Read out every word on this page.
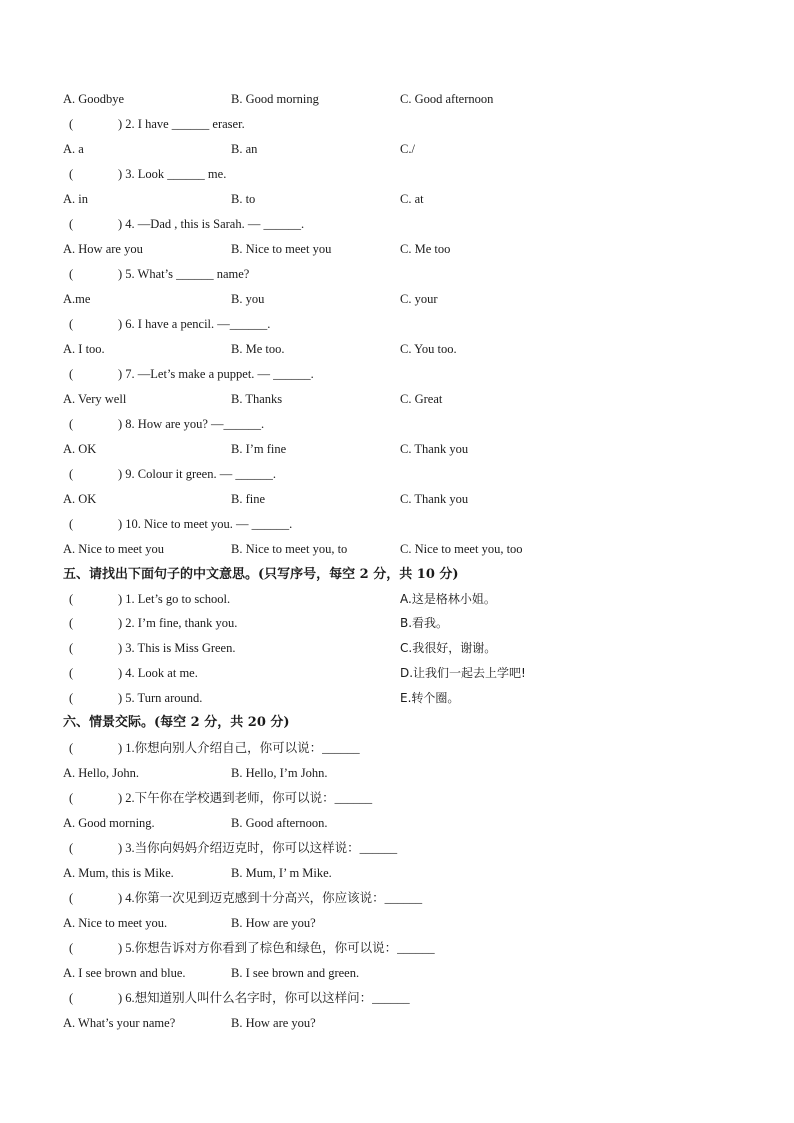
A. Goodbye	B. Good morning	C. Good afternoon
(	) 2. I have ______ eraser.
A. a	B. an	C./
(	) 3. Look ______ me.
A. in	B. to	C. at
(	) 4. —Dad , this is Sarah. — ______.
A. How are you	B. Nice to meet you	C. Me too
(	) 5. What’s ______ name?
A.me	B. you	C. your
(	) 6. I have a pencil. —______.
A. I too.	B. Me too.	C. You too.
(	) 7. —Let’s make a puppet. — ______.
A. Very well	B. Thanks	C. Great
(	) 8. How are you? —______.
A. OK	B. I’m fine	C. Thank you
(	) 9. Colour it green. — ______.
A. OK	B. fine	C. Thank you
(	) 10. Nice to meet you. — ______.
A. Nice to meet you	B. Nice to meet you, to	C. Nice to meet you, too
五、请找出下面句子的中文意思。(只写序号，每空 2 分，共 10 分)
(	) 1. Let’s go to school.	A.这是格林小姐。
(	) 2. I’m fine, thank you.	B.看我。
(	) 3. This is Miss Green.	C.我很好，谢谢。
(	) 4. Look at me.	D.让我们一起去上学吧!
(	) 5. Turn around.	E.转个圈。
六、情景交际。(每空 2 分，共 20 分)
(	) 1.你想向别人介绍自己，你可以说：______
A. Hello, John.	B. Hello, I’m John.
(	) 2.下午你在学校遇到老师，你可以说：______
A. Good morning.	B. Good afternoon.
(	) 3.当你向妈妈介绍迈克时，你可以这样说：______
A. Mum, this is Mike.	B. Mum, I’ m Mike.
(	) 4.你第一次见到迈克感到十分高兴，你应该说：______
A. Nice to meet you.	B. How are you?
(	) 5.你想告诉对方你看到了棕色和绿色，你可以说：______
A. I see brown and blue.	B. I see brown and green.
(	) 6.想知道别人叫什么名字时，你可以这样问：______
A. What’s your name?	B. How are you?
